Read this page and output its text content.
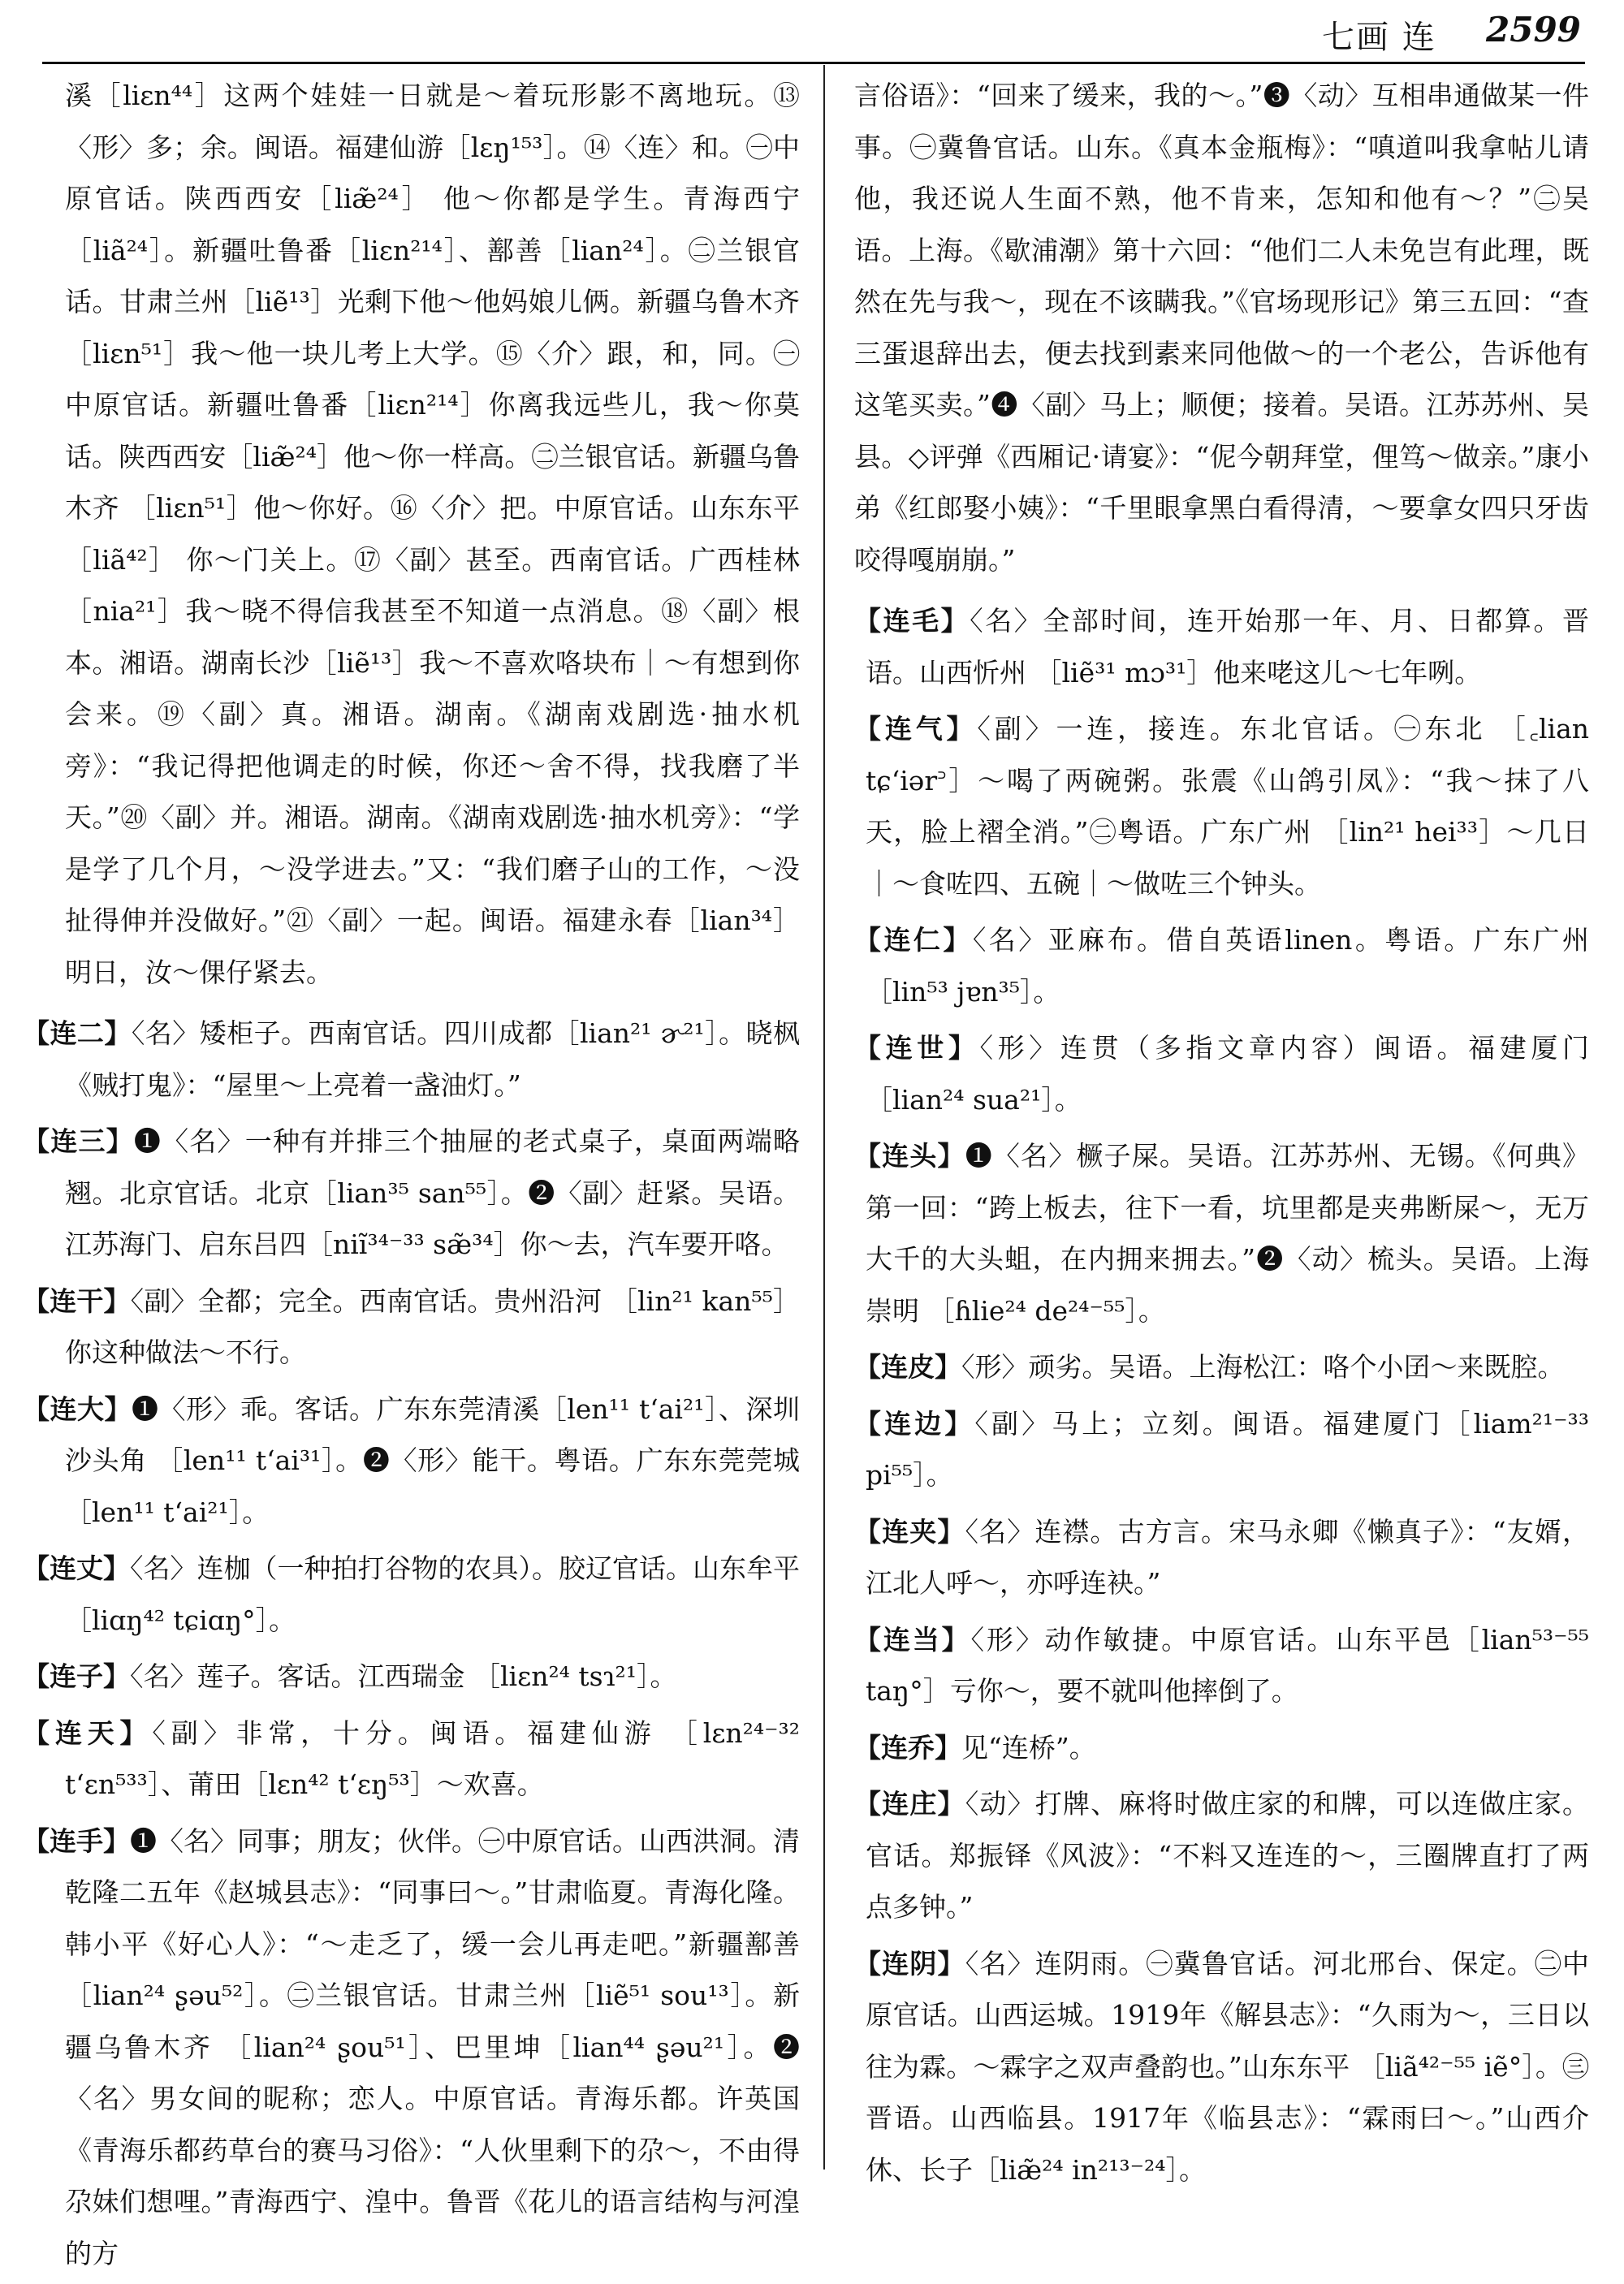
七画 连 2599

溪［liɛn⁴⁴］这两个娃娃一日就是～着玩形影不离地玩。⑬〈形〉多；余。闽语。福建仙游［lɛŋ¹⁵³］。⑭〈连〉和。㊀中原官话。陕西西安［liæ̃²⁴］ 他～你都是学生。青海西宁［liã²⁴］。新疆吐鲁番［liɛn²¹⁴］、鄯善［lian²⁴］。㊁兰银官话。甘肃兰州［liẽ¹³］光剩下他～他妈娘儿俩。新疆乌鲁木齐［liɛn⁵¹］我～他一块儿考上大学。⑮〈介〉跟，和，同。㊀中原官话。新疆吐鲁番［liɛn²¹⁴］你离我远些儿，我～你莫话。陕西西安［liæ̃²⁴］他～你一样高。㊁兰银官话。新疆乌鲁木齐 ［liɛn⁵¹］他～你好。⑯〈介〉把。中原官话。山东东平 ［liã⁴²］ 你～门关上。⑰〈副〉甚至。西南官话。广西桂林［nia²¹］我～晓不得信我甚至不知道一点消息。⑱〈副〉根本。湘语。湖南长沙［liẽ¹³］我～不喜欢咯块布｜～有想到你会来。⑲〈副〉真。湘语。湖南。《湖南戏剧选·抽水机旁》：“我记得把他调走的时候，你还～舍不得，找我磨了半天。”⑳〈副〉并。湘语。湖南。《湖南戏剧选·抽水机旁》：“学是学了几个月，～没学进去。”又：“我们磨子山的工作，～没扯得伸并没做好。”㉑〈副〉一起。闽语。福建永春［lian³⁴］ 明日，汝～倮仔紧去。

【连二】〈名〉矮柜子。西南官话。四川成都［lian²¹ ɚ²¹］。晓枫《贼打鬼》：“屋里～上亮着一盏油灯。”

【连三】❶〈名〉一种有并排三个抽屉的老式桌子，桌面两端略翘。北京官话。北京［lian³⁵ san⁵⁵］。❷〈副〉赶紧。吴语。江苏海门、启东吕四［niĩ³⁴⁻³³ sæ̃³⁴］你～去，汽车要开咯。

【连干】〈副〉全都；完全。西南官话。贵州沿河 ［lin²¹ kan⁵⁵］你这种做法～不行。

【连大】❶〈形〉乖。客话。广东东莞清溪［len¹¹ tʻai²¹］、深圳沙头角 ［len¹¹ tʻai³¹］。❷〈形〉能干。粤语。广东东莞莞城［len¹¹ tʻai²¹］。

【连丈】〈名〉连枷（一种拍打谷物的农具）。胶辽官话。山东牟平［liɑŋ⁴² tɕiɑŋ°］。

【连子】〈名〉莲子。客话。江西瑞金 ［liɛn²⁴ tsɿ²¹］。

【连天】〈副〉非常，十分。闽语。福建仙游 ［lɛn²⁴⁻³² tʻɛn⁵³³］、莆田［lɛn⁴² tʻɛŋ⁵³］～欢喜。

【连手】❶〈名〉同事；朋友；伙伴。㊀中原官话。山西洪洞。清乾隆二五年《赵城县志》：“同事曰～。”甘肃临夏。青海化隆。韩小平《好心人》：“～走乏了，缓一会儿再走吧。”新疆鄯善［lian²⁴ ʂəu⁵²］。㊁兰银官话。甘肃兰州［liẽ⁵¹ sou¹³］。新疆乌鲁木齐 ［lian²⁴ ʂou⁵¹］、巴里坤［lian⁴⁴ ʂəu²¹］。❷〈名〉男女间的昵称；恋人。中原官话。青海乐都。许英国《青海乐都药草台的赛马习俗》：“人伙里剩下的尕～，不由得尕妹们想哩。”青海西宁、湟中。鲁晋《花儿的语言结构与河湟的方

言俗语》：“回来了缓来，我的～。”❸〈动〉互相串通做某一件事。㊀冀鲁官话。山东。《真本金瓶梅》：“嗔道叫我拿帖儿请他，我还说人生面不熟，他不肯来，怎知和他有～？”㊁吴语。上海。《歇浦潮》第十六回：“他们二人未免岂有此理，既然在先与我～，现在不该瞒我。”《官场现形记》第三五回：“查三蛋退辞出去，便去找到素来同他做～的一个老公，告诉他有这笔买卖。”❹〈副〉马上；顺便；接着。吴语。江苏苏州、吴县。◇评弹《西厢记·请宴》：“伲今朝拜堂，俚笃～做亲。”康小弟《红郎娶小姨》：“千里眼拿黑白看得清，～要拿女四只牙齿咬得嘎崩崩。”

【连毛】〈名〉全部时间，连开始那一年、月、日都算。晋语。山西忻州 ［liẽ³¹ mɔ³¹］他来咾这儿～七年咧。

【连气】〈副〉一连，接连。东北官话。㊀东北 ［꜀lian tɕʻiər꜄］～喝了两碗粥。张震《山鸽引凤》：“我～抹了八天，脸上褶全消。”㊁粤语。广东广州 ［lin²¹ hei³³］～几日｜～食咗四、五碗｜～做咗三个钟头。

【连仁】〈名〉亚麻布。借自英语linen。粤语。广东广州［lin⁵³ jɐn³⁵］。

【连世】〈形〉连贯（多指文章内容）闽语。福建厦门 ［lian²⁴ sua²¹］。

【连头】❶〈名〉橛子屎。吴语。江苏苏州、无锡。《何典》第一回：“跨上板去，往下一看，坑里都是夹弗断屎～，无万大千的大头蛆，在内拥来拥去。”❷〈动〉梳头。吴语。上海崇明 ［ɦlie²⁴ de²⁴⁻⁵⁵］。

【连皮】〈形〉顽劣。吴语。上海松江：咯个小囝～来既腔。

【连边】〈副〉马上；立刻。闽语。福建厦门［liam²¹⁻³³ pi⁵⁵］。

【连夹】〈名〉连襟。古方言。宋马永卿《懒真子》：“友婿，江北人呼～，亦呼连袂。”

【连当】〈形〉动作敏捷。中原官话。山东平邑［lian⁵³⁻⁵⁵ taŋ°］亏你～，要不就叫他摔倒了。

【连乔】见“连桥”。

【连庄】〈动〉打牌、麻将时做庄家的和牌，可以连做庄家。官话。郑振铎《风波》：“不料又连连的～，三圈牌直打了两点多钟。”

【连阴】〈名〉连阴雨。㊀冀鲁官话。河北邢台、保定。㊁中原官话。山西运城。1919年《解县志》：“久雨为～，三日以往为霖。～霖字之双声叠韵也。”山东东平 ［liã⁴²⁻⁵⁵ iẽ°］。㊂晋语。山西临县。1917年《临县志》：“霖雨曰～。”山西介休、长子［liæ̃²⁴ in²¹³⁻²⁴］。
